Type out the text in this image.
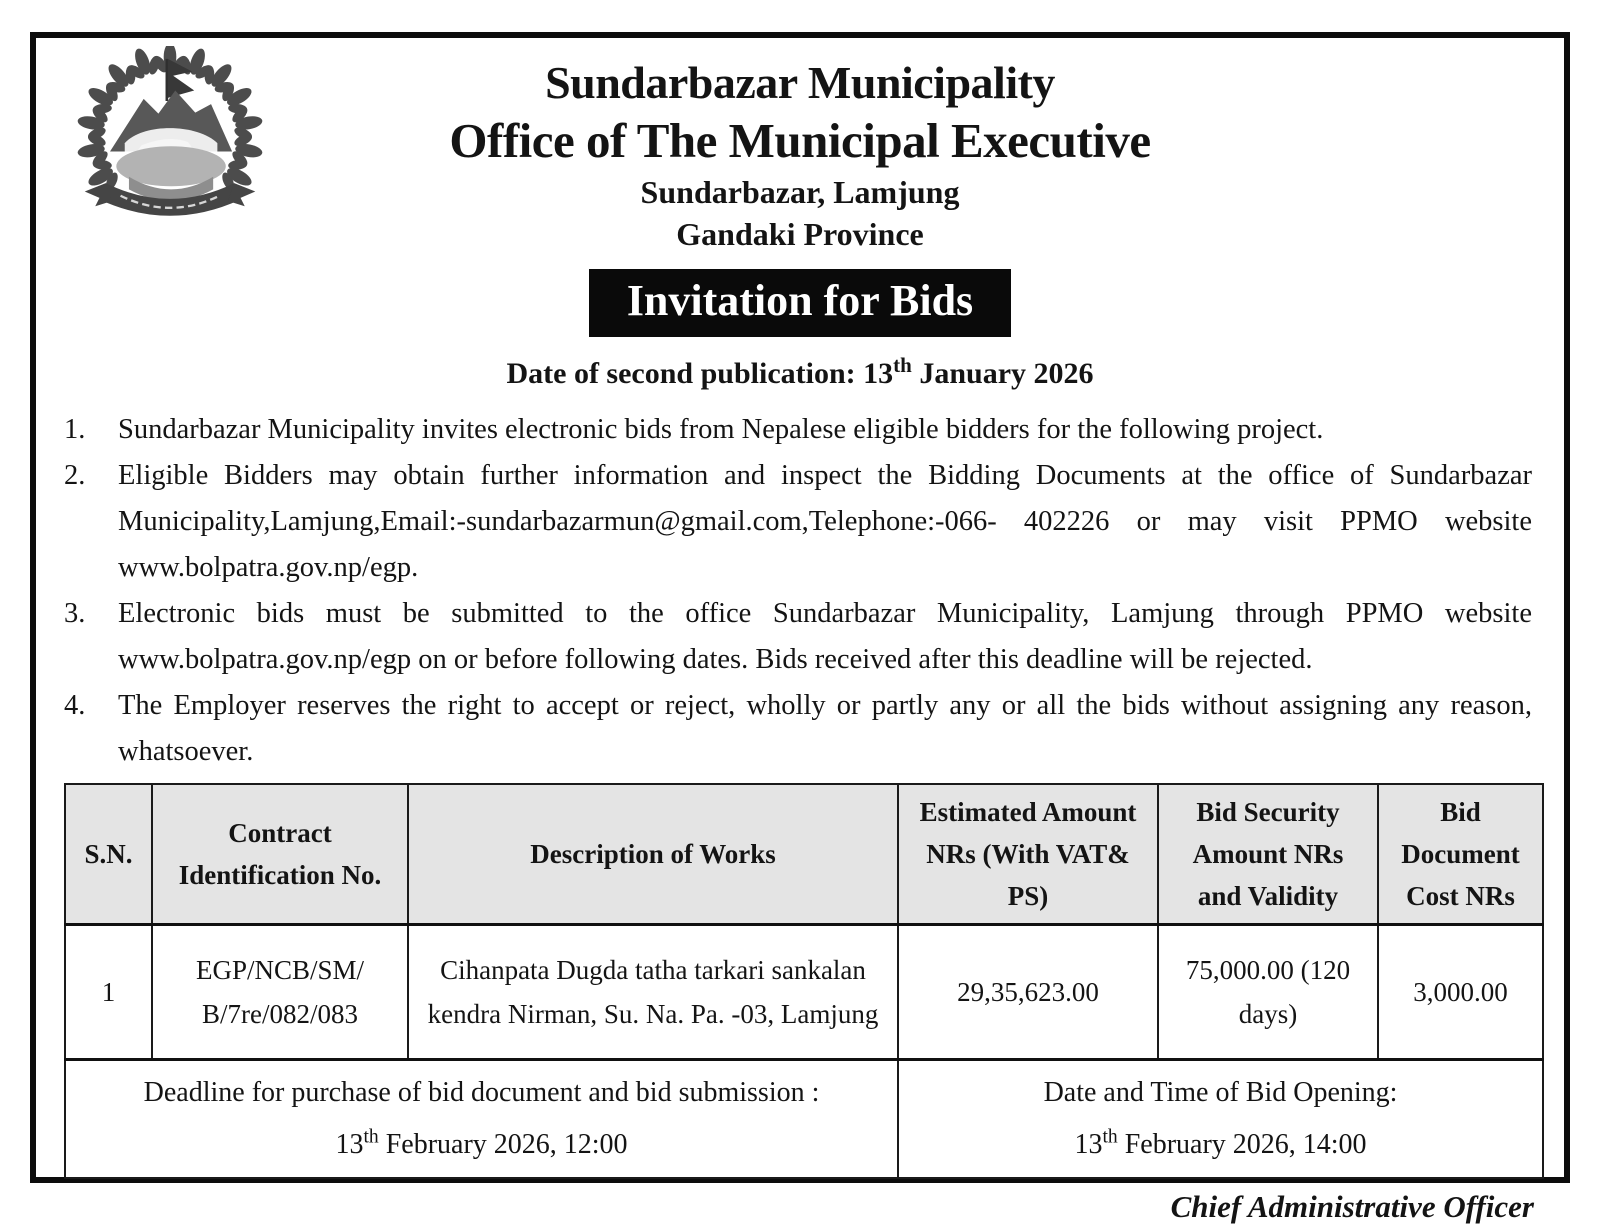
Sundarbazar Municipality
Office of The Municipal Executive
Sundarbazar, Lamjung
Gandaki Province
Invitation for Bids
Date of second publication: 13th January 2026
1.	Sundarbazar Municipality invites electronic bids from Nepalese eligible bidders for the following project.
2.	Eligible Bidders may obtain further information and inspect the Bidding Documents at the office of Sundarbazar Municipality,Lamjung,Email:-sundarbazarmun@gmail.com,Telephone:-066- 402226 or may visit PPMO website www.bolpatra.gov.np/egp.
3.	Electronic bids must be submitted to the office Sundarbazar Municipality, Lamjung through PPMO website www.bolpatra.gov.np/egp on or before following dates. Bids received after this deadline will be rejected.
4.	The Employer reserves the right to accept or reject, wholly or partly any or all the bids without assigning any reason, whatsoever.
S.N.	Contract Identification No.	Description of Works	Estimated Amount NRs (With VAT& PS)	Bid Security Amount NRs and Validity	Bid Document Cost NRs
1	EGP/NCB/SM/ B/7re/082/083	Cihanpata Dugda tatha tarkari sankalan kendra Nirman, Su. Na. Pa. -03, Lamjung	29,35,623.00	75,000.00 (120 days)	3,000.00

Deadline for purchase of bid document and bid submission :
13th February 2026, 12:00

Date and Time of Bid Opening:
13th February 2026, 14:00
Chief Administrative Officer
